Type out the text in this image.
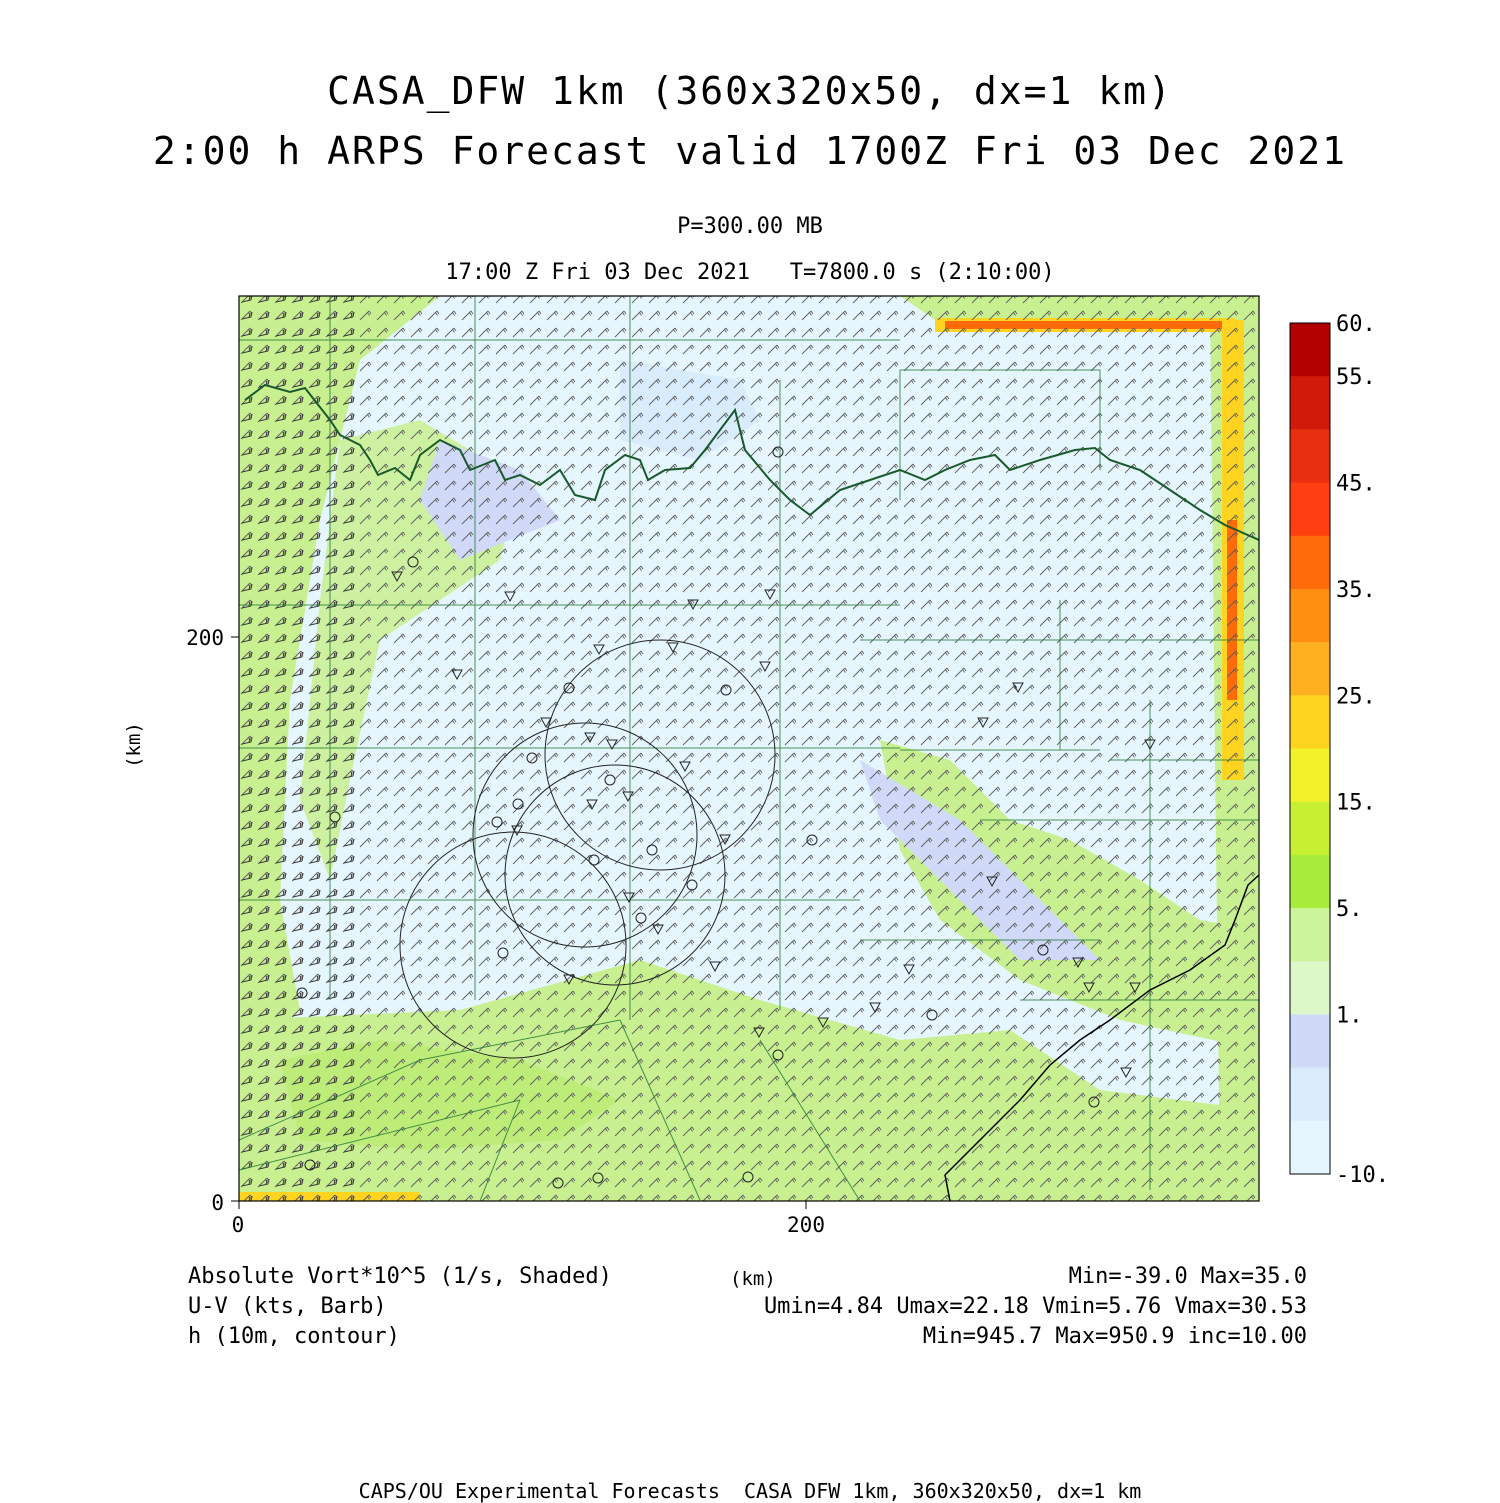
CASA_DFW 1km (360x320x50, dx=1 km)
2:00 h ARPS Forecast valid 1700Z Fri 03 Dec 2021
P=300.00 MB
17:00 Z Fri 03 Dec 2021   T=7800.0 s (2:10:00)
200
0
0	200
(km)
60.
55.
45.
35.
25.
15.
5.
1.
-10.
Absolute Vort*10^5 (1/s, Shaded)
U-V (kts, Barb)
h (10m, contour)
(km)	Min=-39.0 Max=35.0
Umin=4.84 Umax=22.18 Vmin=5.76 Vmax=30.53
Min=945.7 Max=950.9 inc=10.00
CAPS/OU Experimental Forecasts  CASA DFW 1km, 360x320x50, dx=1 km
